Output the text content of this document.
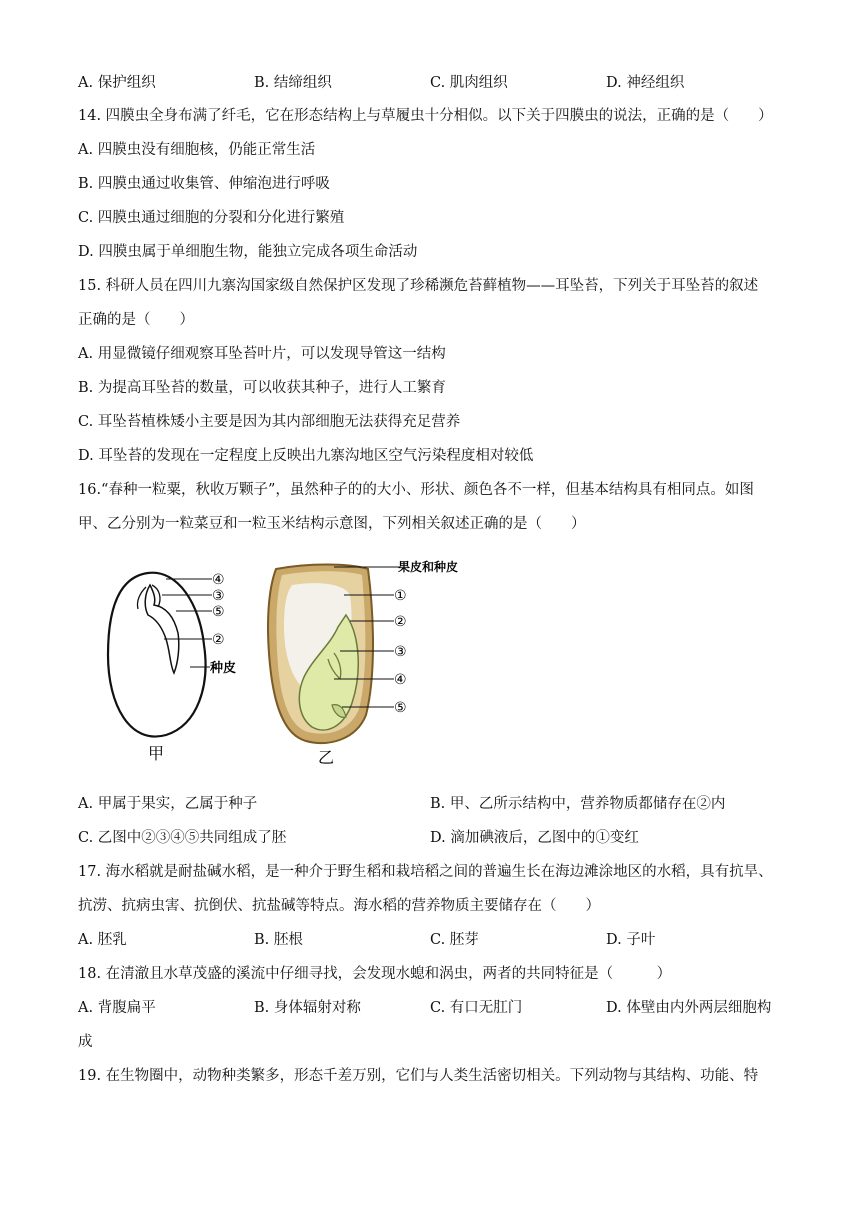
A. 保护组织	B. 结缔组织	C. 肌肉组织	D. 神经组织
14. 四膜虫全身布满了纤毛，它在形态结构上与草履虫十分相似。以下关于四膜虫的说法，正确的是（　　）
A. 四膜虫没有细胞核，仍能正常生活
B. 四膜虫通过收集管、伸缩泡进行呼吸
C. 四膜虫通过细胞的分裂和分化进行繁殖
D. 四膜虫属于单细胞生物，能独立完成各项生命活动
15. 科研人员在四川九寨沟国家级自然保护区发现了珍稀濒危苔藓植物——耳坠苔，下列关于耳坠苔的叙述
正确的是（　　）
A. 用显微镜仔细观察耳坠苔叶片，可以发现导管这一结构
B. 为提高耳坠苔的数量，可以收获其种子，进行人工繁育
C. 耳坠苔植株矮小主要是因为其内部细胞无法获得充足营养
D. 耳坠苔的发现在一定程度上反映出九寨沟地区空气污染程度相对较低
16.“春种一粒粟，秋收万颗子”，虽然种子的的大小、形状、颜色各不一样，但基本结构具有相同点。如图
甲、乙分别为一粒菜豆和一粒玉米结构示意图，下列相关叙述正确的是（　　）
④
③
⑤
②
种皮
甲
果皮和种皮
①
②
③
④
⑤
乙
A. 甲属于果实，乙属于种子	B. 甲、乙所示结构中，营养物质都储存在②内
C. 乙图中②③④⑤共同组成了胚	D. 滴加碘液后，乙图中的①变红
17. 海水稻就是耐盐碱水稻，是一种介于野生稻和栽培稻之间的普遍生长在海边滩涂地区的水稻，具有抗旱、
抗涝、抗病虫害、抗倒伏、抗盐碱等特点。海水稻的营养物质主要储存在（　　）
A. 胚乳	B. 胚根	C. 胚芽	D. 子叶
18. 在清澈且水草茂盛的溪流中仔细寻找，会发现水螅和涡虫，两者的共同特征是（　　　）
A. 背腹扁平	B. 身体辐射对称	C. 有口无肛门	D. 体壁由内外两层细胞构
成
19. 在生物圈中，动物种类繁多，形态千差万别，它们与人类生活密切相关。下列动物与其结构、功能、特
